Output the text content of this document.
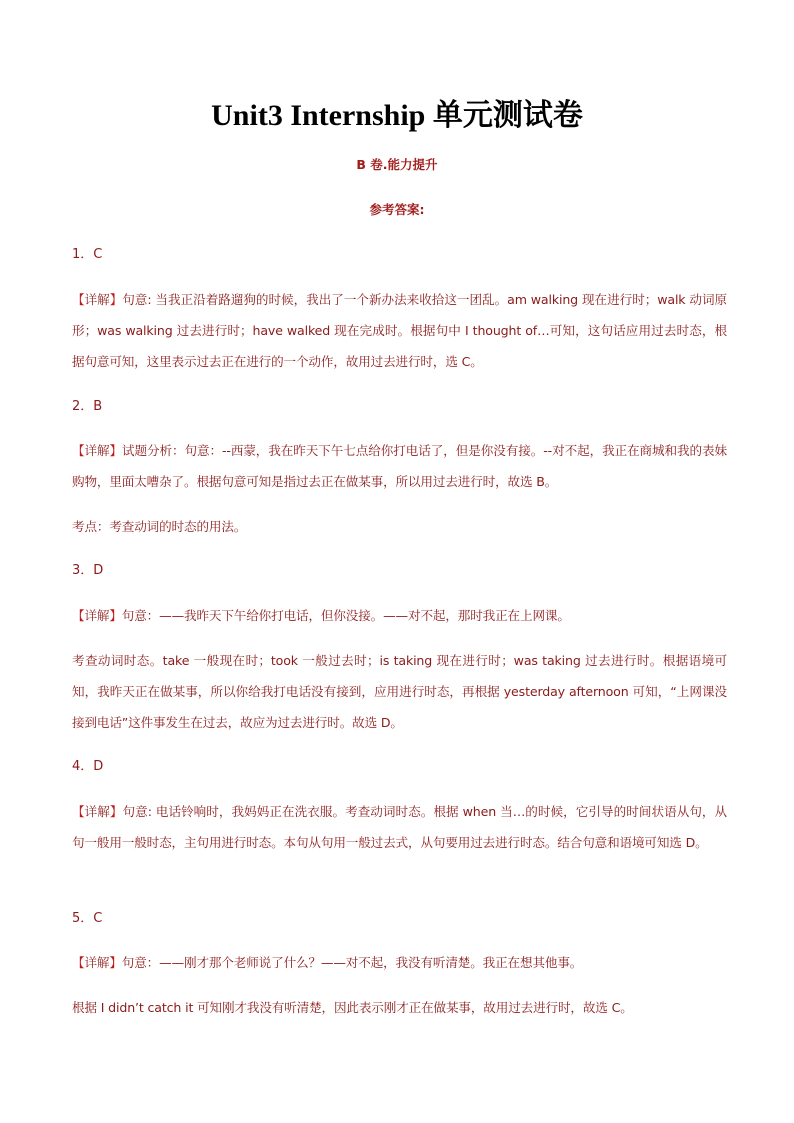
Unit3 Internship 单元测试卷
B 卷.能力提升
参考答案:
1．C
【详解】句意: 当我正沿着路遛狗的时候，我出了一个新办法来收拾这一团乱。am walking 现在进行时；walk 动词原形；was walking 过去进行时；have walked 现在完成时。根据句中 I thought of…可知，这句话应用过去时态，根据句意可知，这里表示过去正在进行的一个动作，故用过去进行时，选 C。
2．B
【详解】试题分析：句意：--西蒙，我在昨天下午七点给你打电话了，但是你没有接。--对不起，我正在商城和我的表妹购物，里面太嘈杂了。根据句意可知是指过去正在做某事，所以用过去进行时，故选 B。
考点：考查动词的时态的用法。
3．D
【详解】句意：——我昨天下午给你打电话，但你没接。——对不起，那时我正在上网课。
考查动词时态。take 一般现在时；took 一般过去时；is taking 现在进行时；was taking 过去进行时。根据语境可知，我昨天正在做某事，所以你给我打电话没有接到，应用进行时态，再根据 yesterday afternoon 可知，“上网课没接到电话”这件事发生在过去，故应为过去进行时。故选 D。
4．D
【详解】句意: 电话铃响时，我妈妈正在洗衣服。考查动词时态。根据 when 当…的时候，它引导的时间状语从句，从句一般用一般时态，主句用进行时态。本句从句用一般过去式，从句要用过去进行时态。结合句意和语境可知选 D。
5．C
【详解】句意：——刚才那个老师说了什么？——对不起，我没有听清楚。我正在想其他事。
根据 I didn’t catch it 可知刚才我没有听清楚，因此表示刚才正在做某事，故用过去进行时，故选 C。
